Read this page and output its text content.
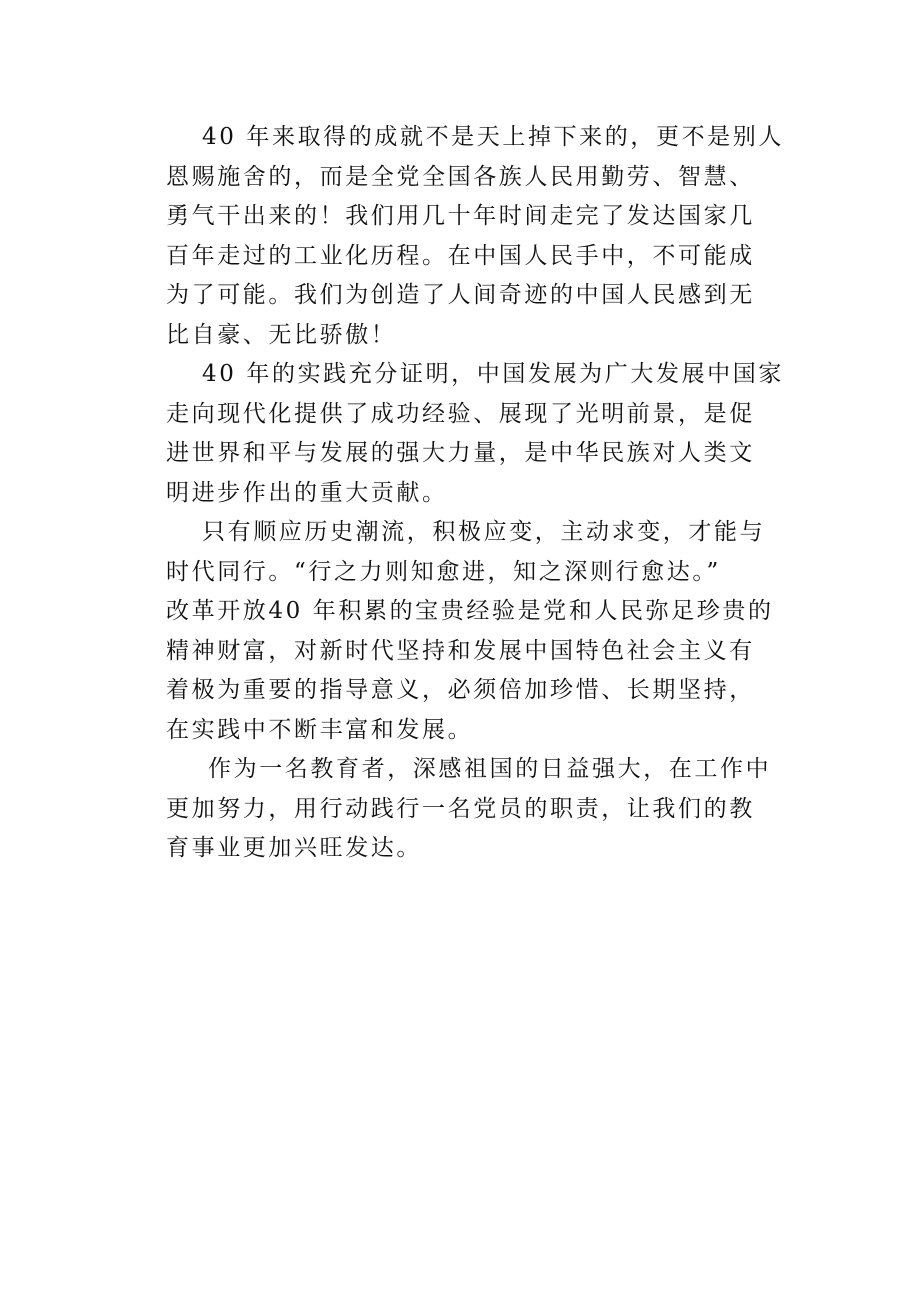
40 年来取得的成就不是天上掉下来的，更不是别人
恩赐施舍的，而是全党全国各族人民用勤劳、智慧、
勇气干出来的！我们用几十年时间走完了发达国家几
百年走过的工业化历程。在中国人民手中，不可能成
为了可能。我们为创造了人间奇迹的中国人民感到无
比自豪、无比骄傲！

40 年的实践充分证明，中国发展为广大发展中国家
走向现代化提供了成功经验、展现了光明前景，是促
进世界和平与发展的强大力量，是中华民族对人类文
明进步作出的重大贡献。

只有顺应历史潮流，积极应变，主动求变，才能与
时代同行。“行之力则知愈进，知之深则行愈达。”
改革开放40 年积累的宝贵经验是党和人民弥足珍贵的
精神财富，对新时代坚持和发展中国特色社会主义有
着极为重要的指导意义，必须倍加珍惜、长期坚持，
在实践中不断丰富和发展。

作为一名教育者，深感祖国的日益强大，在工作中
更加努力，用行动践行一名党员的职责，让我们的教
育事业更加兴旺发达。
